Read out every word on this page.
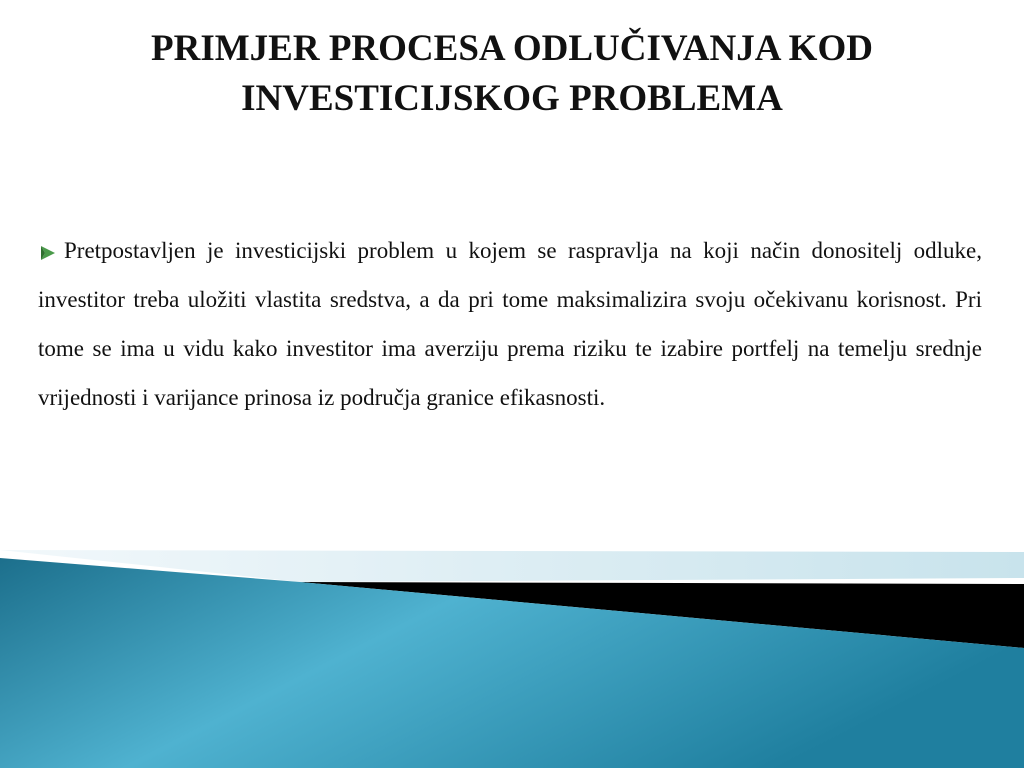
PRIMJER PROCESA ODLUČIVANJA KOD
INVESTICIJSKOG PROBLEMA
Pretpostavljen je investicijski problem u kojem se raspravlja na koji način donositelj odluke, investitor treba uložiti vlastita sredstva, a da pri tome maksimalizira svoju očekivanu korisnost. Pri tome se ima u vidu kako investitor ima averziju prema riziku te izabire portfelj na temelju srednje vrijednosti i varijance prinosa iz područja granice efikasnosti.
